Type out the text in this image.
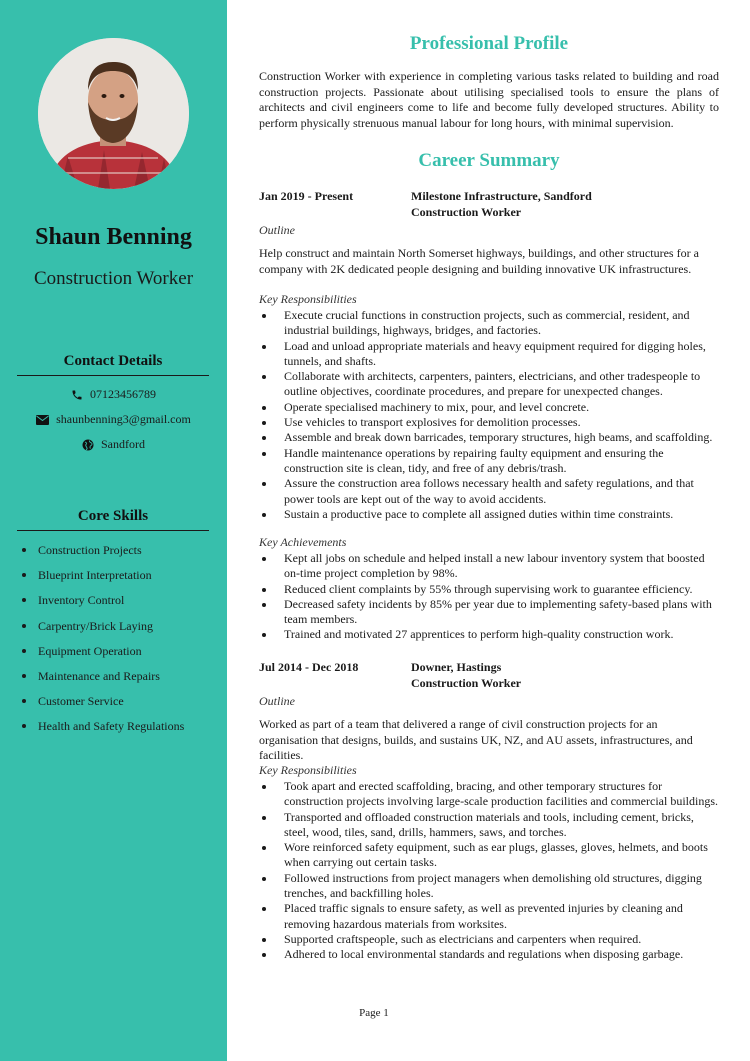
Shaun Benning
Construction Worker
Contact Details
07123456789
shaunbenning3@gmail.com
Sandford
Core Skills
Construction Projects
Blueprint Interpretation
Inventory Control
Carpentry/Brick Laying
Equipment Operation
Maintenance and Repairs
Customer Service
Health and Safety Regulations
Professional Profile

Construction Worker with experience in completing various tasks related to building and road construction projects. Passionate about utilising specialised tools to ensure the plans of architects and civil engineers come to life and become fully developed structures. Ability to perform physically strenuous manual labour for long hours, with minimal supervision.

Career Summary
Jan 2019 - Present	Milestone Infrastructure, Sandford
Construction Worker
Outline

Help construct and maintain North Somerset highways, buildings, and other structures for a company with 2K dedicated people designing and building innovative UK infrastructures.

Key Responsibilities
Execute crucial functions in construction projects, such as commercial, resident, and industrial buildings, highways, bridges, and factories.
Load and unload appropriate materials and heavy equipment required for digging holes, tunnels, and shafts.
Collaborate with architects, carpenters, painters, electricians, and other tradespeople to outline objectives, coordinate procedures, and prepare for unexpected changes.
Operate specialised machinery to mix, pour, and level concrete.
Use vehicles to transport explosives for demolition processes.
Assemble and break down barricades, temporary structures, high beams, and scaffolding.
Handle maintenance operations by repairing faulty equipment and ensuring the construction site is clean, tidy, and free of any debris/trash.
Assure the construction area follows necessary health and safety regulations, and that power tools are kept out of the way to avoid accidents.
Sustain a productive pace to complete all assigned duties within time constraints.
Key Achievements
Kept all jobs on schedule and helped install a new labour inventory system that boosted on-time project completion by 98%.
Reduced client complaints by 55% through supervising work to guarantee efficiency.
Decreased safety incidents by 85% per year due to implementing safety-based plans with team members.
Trained and motivated 27 apprentices to perform high-quality construction work.
Jul 2014 - Dec 2018	Downer, Hastings
Construction Worker
Outline

Worked as part of a team that delivered a range of civil construction projects for an organisation that designs, builds, and sustains UK, NZ, and AU assets, infrastructures, and facilities.

Key Responsibilities
Took apart and erected scaffolding, bracing, and other temporary structures for construction projects involving large-scale production facilities and commercial buildings.
Transported and offloaded construction materials and tools, including cement, bricks, steel, wood, tiles, sand, drills, hammers, saws, and torches.
Wore reinforced safety equipment, such as ear plugs, glasses, gloves, helmets, and boots when carrying out certain tasks.
Followed instructions from project managers when demolishing old structures, digging trenches, and backfilling holes.
Placed traffic signals to ensure safety, as well as prevented injuries by cleaning and removing hazardous materials from worksites.
Supported craftspeople, such as electricians and carpenters when required.
Adhered to local environmental standards and regulations when disposing garbage.
Page 1
